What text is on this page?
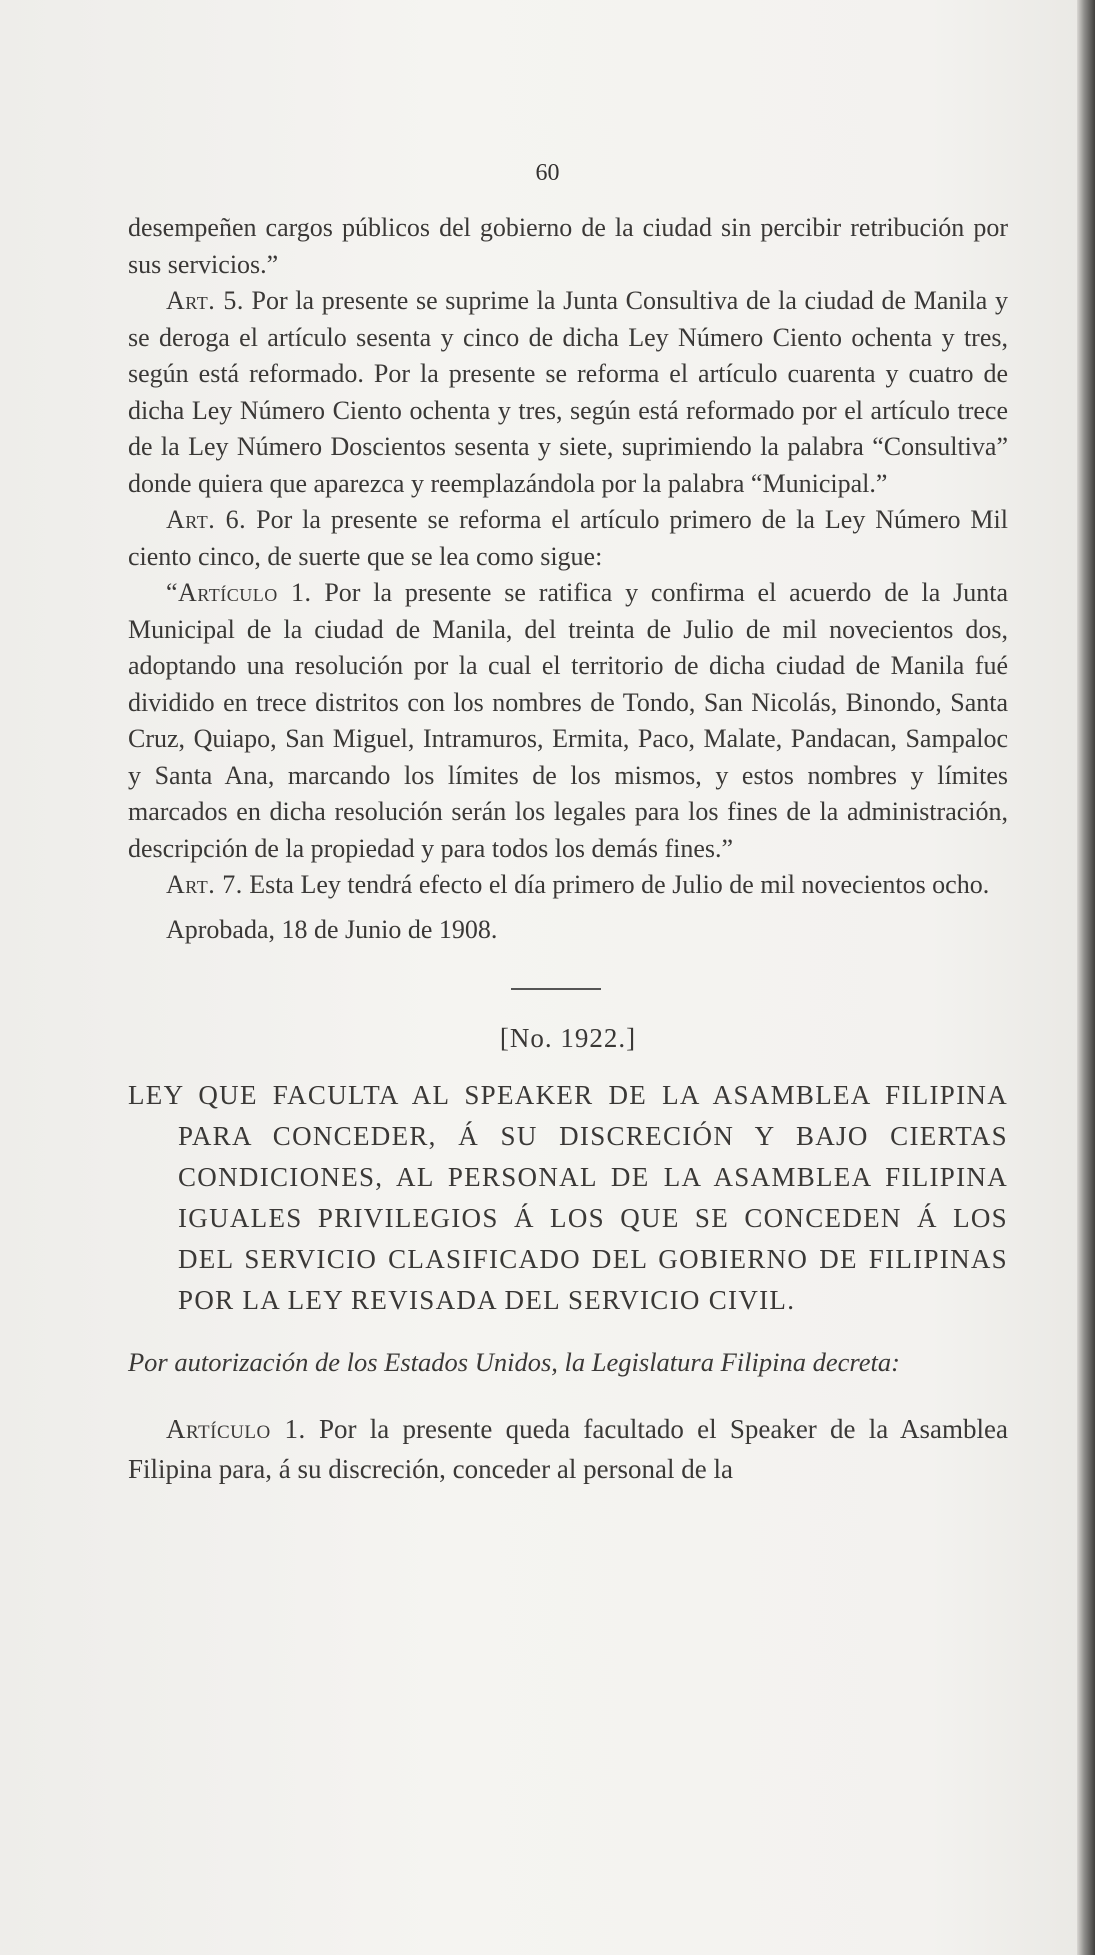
60

desempeñen cargos públicos del gobierno de la ciudad sin percibir retribución por sus servicios.”

Art. 5. Por la presente se suprime la Junta Consultiva de la ciudad de Manila y se deroga el artículo sesenta y cinco de dicha Ley Número Ciento ochenta y tres, según está reformado. Por la presente se reforma el artículo cuarenta y cuatro de dicha Ley Número Ciento ochenta y tres, según está reformado por el artículo trece de la Ley Número Doscientos sesenta y siete, suprimiendo la palabra “Consultiva” donde quiera que aparezca y reemplazándola por la palabra “Municipal.”

Art. 6. Por la presente se reforma el artículo primero de la Ley Número Mil ciento cinco, de suerte que se lea como sigue:

“Artículo 1. Por la presente se ratifica y confirma el acuerdo de la Junta Municipal de la ciudad de Manila, del treinta de Julio de mil novecientos dos, adoptando una resolución por la cual el territorio de dicha ciudad de Manila fué dividido en trece distritos con los nombres de Tondo, San Nicolás, Binondo, Santa Cruz, Quiapo, San Miguel, Intramuros, Ermita, Paco, Malate, Pandacan, Sampaloc y Santa Ana, marcando los límites de los mismos, y estos nombres y límites marcados en dicha resolución serán los legales para los fines de la administración, descripción de la propiedad y para todos los demás fines.”

Art. 7. Esta Ley tendrá efecto el día primero de Julio de mil novecientos ocho.

Aprobada, 18 de Junio de 1908.

[No. 1922.]
LEY QUE FACULTA AL SPEAKER DE LA ASAMBLEA FILIPINA PARA CONCEDER, Á SU DISCRECIÓN Y BAJO CIERTAS CONDICIONES, AL PERSONAL DE LA ASAMBLEA FILIPINA IGUALES PRIVILEGIOS Á LOS QUE SE CONCEDEN Á LOS DEL SERVICIO CLASIFICADO DEL GOBIERNO DE FILIPINAS POR LA LEY REVISADA DEL SERVICIO CIVIL.
Por autorización de los Estados Unidos, la Legislatura Filipina decreta:

Artículo 1. Por la presente queda facultado el Speaker de la Asamblea Filipina para, á su discreción, conceder al personal de la
